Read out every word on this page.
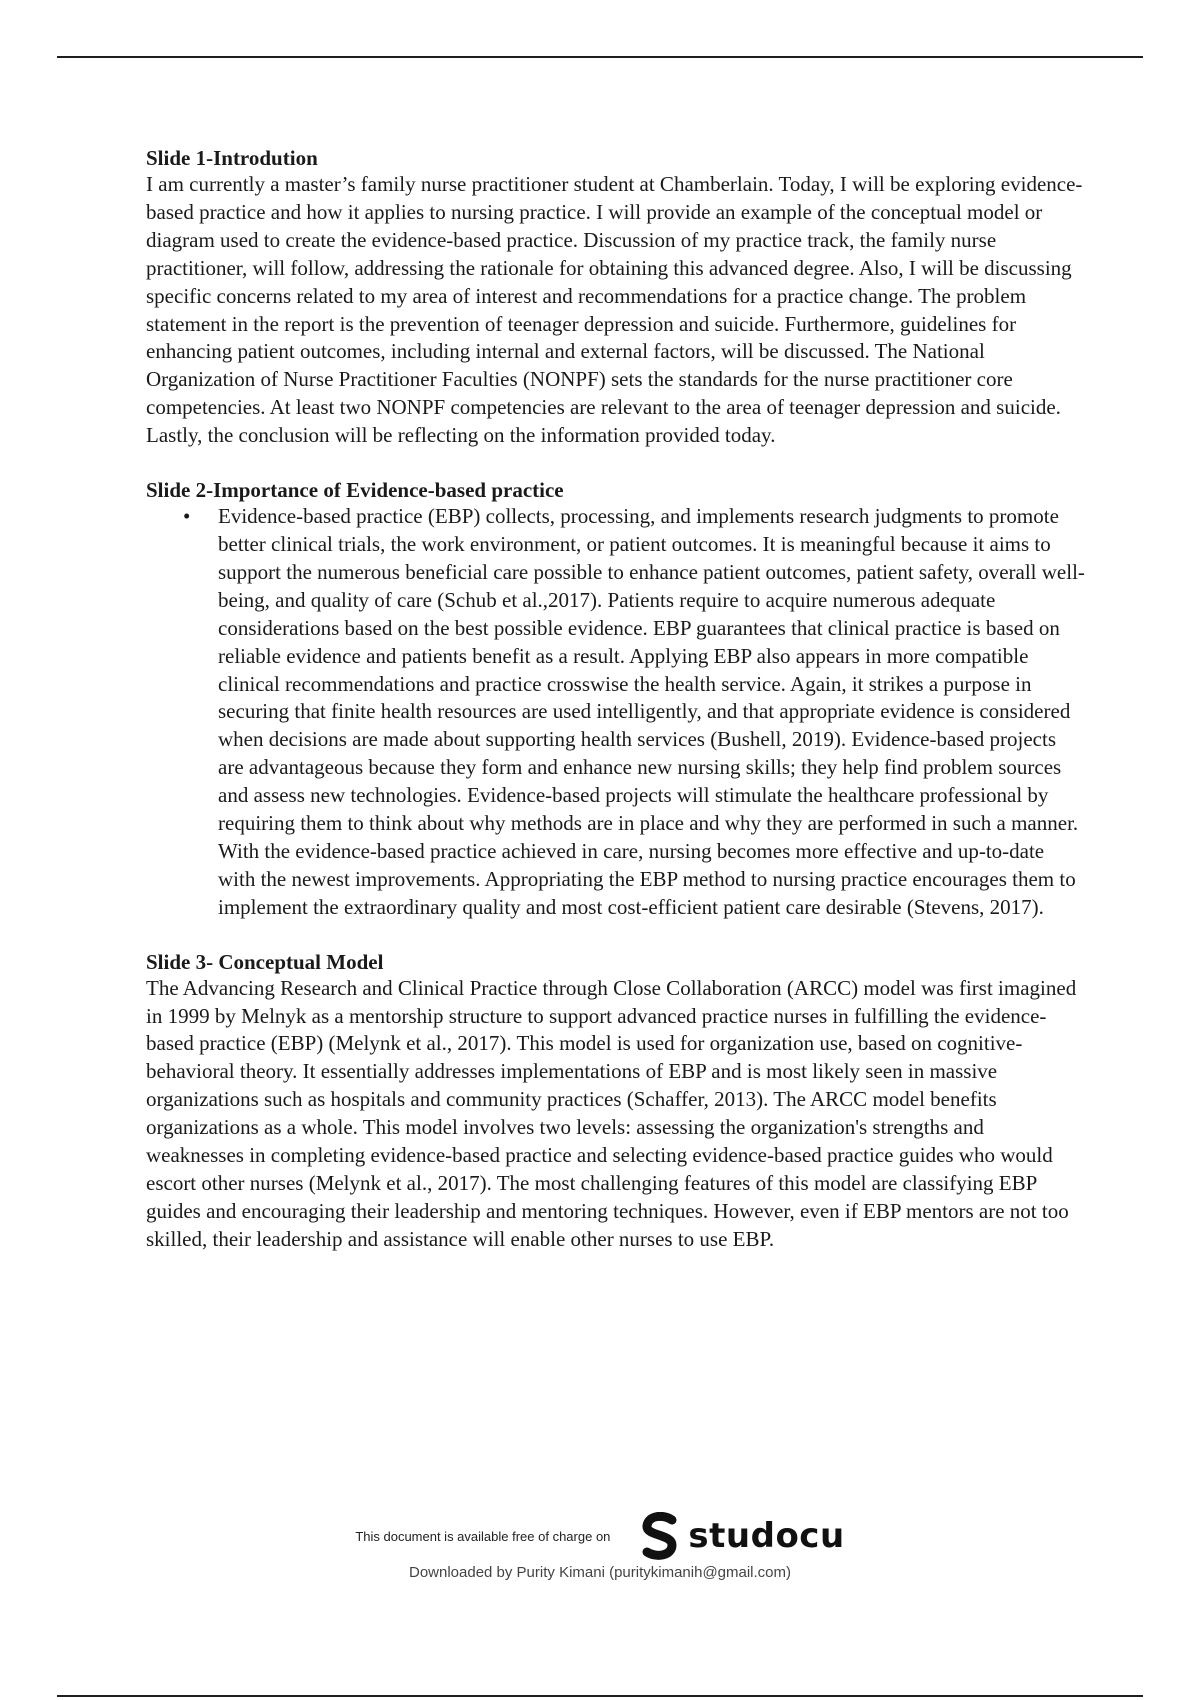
Slide 1-Introdution

I am currently a master’s family nurse practitioner student at Chamberlain. Today, I will be exploring evidence-based practice and how it applies to nursing practice. I will provide an example of the conceptual model or diagram used to create the evidence-based practice. Discussion of my practice track, the family nurse practitioner, will follow, addressing the rationale for obtaining this advanced degree. Also, I will be discussing specific concerns related to my area of interest and recommendations for a practice change. The problem statement in the report is the prevention of teenager depression and suicide. Furthermore, guidelines for enhancing patient outcomes, including internal and external factors, will be discussed. The National Organization of Nurse Practitioner Faculties (NONPF) sets the standards for the nurse practitioner core competencies. At least two NONPF competencies are relevant to the area of teenager depression and suicide. Lastly, the conclusion will be reflecting on the information provided today.

Slide 2-Importance of Evidence-based practice

• Evidence-based practice (EBP) collects, processing, and implements research judgments to promote better clinical trials, the work environment, or patient outcomes. It is meaningful because it aims to support the numerous beneficial care possible to enhance patient outcomes, patient safety, overall well-being, and quality of care (Schub et al.,2017). Patients require to acquire numerous adequate considerations based on the best possible evidence. EBP guarantees that clinical practice is based on reliable evidence and patients benefit as a result. Applying EBP also appears in more compatible clinical recommendations and practice crosswise the health service. Again, it strikes a purpose in securing that finite health resources are used intelligently, and that appropriate evidence is considered when decisions are made about supporting health services (Bushell, 2019). Evidence-based projects are advantageous because they form and enhance new nursing skills; they help find problem sources and assess new technologies. Evidence-based projects will stimulate the healthcare professional by requiring them to think about why methods are in place and why they are performed in such a manner. With the evidence-based practice achieved in care, nursing becomes more effective and up-to-date with the newest improvements. Appropriating the EBP method to nursing practice encourages them to implement the extraordinary quality and most cost-efficient patient care desirable (Stevens, 2017).

Slide 3- Conceptual Model

The Advancing Research and Clinical Practice through Close Collaboration (ARCC) model was first imagined in 1999 by Melnyk as a mentorship structure to support advanced practice nurses in fulfilling the evidence-based practice (EBP) (Melynk et al., 2017). This model is used for organization use, based on cognitive-behavioral theory. It essentially addresses implementations of EBP and is most likely seen in massive organizations such as hospitals and community practices (Schaffer, 2013). The ARCC model benefits organizations as a whole. This model involves two levels: assessing the organization's strengths and weaknesses in completing evidence-based practice and selecting evidence-based practice guides who would escort other nurses (Melynk et al., 2017). The most challenging features of this model are classifying EBP guides and encouraging their leadership and mentoring techniques. However, even if EBP mentors are not too skilled, their leadership and assistance will enable other nurses to use EBP.

This document is available free of charge on studocu
Downloaded by Purity Kimani (puritykimanih@gmail.com)
